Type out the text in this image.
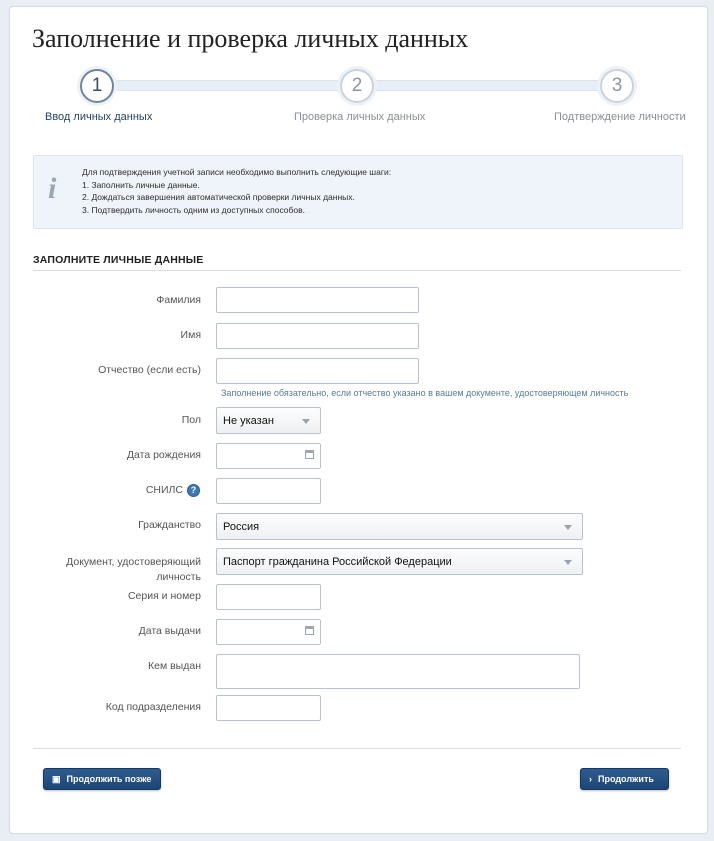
Заполнение и проверка личных данных
1	2	3
Ввод личных данных	Проверка личных данных	Подтверждение личности
i	Для подтверждения учетной записи необходимо выполнить следующие шаги:
1. Заполнить личные данные.
2. Дождаться завершения автоматической проверки личных данных.
3. Подтвердить личность одним из доступных способов.
ЗАПОЛНИТЕ ЛИЧНЫЕ ДАННЫЕ
Фамилия
Имя
Отчество (если есть)
Заполнение обязательно, если отчество указано в вашем документе, удостоверяющем личность
Пол Не указан
Дата рождения
СНИЛС ?
Гражданство Россия
Документ, удостоверяющий
личность
Паспорт гражданина Российской Федерации
Серия и номер
Дата выдачи
Кем выдан
Код подразделения
▣ Продолжить позже	› Продолжить
